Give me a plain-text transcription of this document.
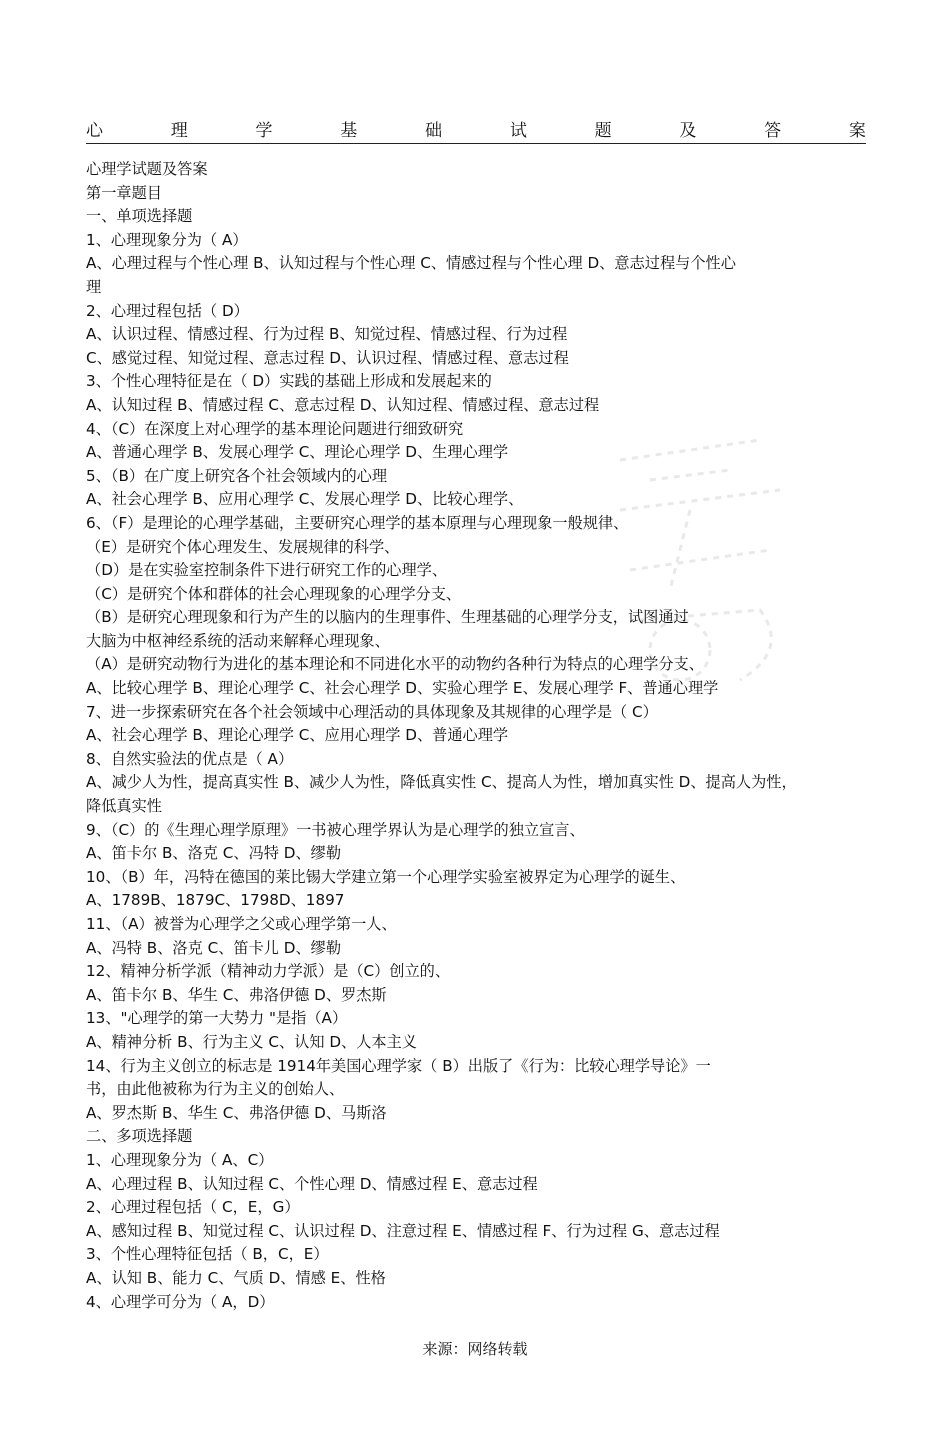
心	理	学	基	础	试	题	及	答	案
心理学试题及答案
第一章题目
一、单项选择题
1、心理现象分为（ A）
A、心理过程与个性心理 B、认知过程与个性心理 C、情感过程与个性心理 D、意志过程与个性心
理
2、心理过程包括（ D）
A、认识过程、情感过程、行为过程 B、知觉过程、情感过程、行为过程
C、感觉过程、知觉过程、意志过程 D、认识过程、情感过程、意志过程
3、个性心理特征是在（ D）实践的基础上形成和发展起来的
A、认知过程 B、情感过程 C、意志过程 D、认知过程、情感过程、意志过程
4、（C）在深度上对心理学的基本理论问题进行细致研究
A、普通心理学 B、发展心理学 C、理论心理学 D、生理心理学
5、（B）在广度上研究各个社会领域内的心理
A、社会心理学 B、应用心理学 C、发展心理学 D、比较心理学、
6、（F）是理论的心理学基础，主要研究心理学的基本原理与心理现象一般规律、
（E）是研究个体心理发生、发展规律的科学、
（D）是在实验室控制条件下进行研究工作的心理学、
（C）是研究个体和群体的社会心理现象的心理学分支、
（B）是研究心理现象和行为产生的以脑内的生理事件、生理基础的心理学分支，试图通过
大脑为中枢神经系统的活动来解释心理现象、
（A）是研究动物行为进化的基本理论和不同进化水平的动物约各种行为特点的心理学分支、
A、比较心理学 B、理论心理学 C、社会心理学 D、实验心理学 E、发展心理学 F、普通心理学
7、进一步探索研究在各个社会领域中心理活动的具体现象及其规律的心理学是（ C）
A、社会心理学 B、理论心理学 C、应用心理学 D、普通心理学
8、自然实验法的优点是（ A）
A、减少人为性，提高真实性 B、减少人为性，降低真实性 C、提高人为性，增加真实性 D、提高人为性，
降低真实性
9、（C）的《生理心理学原理》一书被心理学界认为是心理学的独立宣言、
A、笛卡尔 B、洛克 C、冯特 D、缪勒
10、（B）年，冯特在德国的莱比锡大学建立第一个心理学实验室被界定为心理学的诞生、
A、1789B、1879C、1798D、1897
11、（A）被誉为心理学之父或心理学第一人、
A、冯特 B、洛克 C、笛卡儿 D、缪勒
12、精神分析学派（精神动力学派）是（C）创立的、
A、笛卡尔 B、华生 C、弗洛伊德 D、罗杰斯
13、"心理学的第一大势力 "是指（A）
A、精神分析 B、行为主义 C、认知 D、人本主义
14、行为主义创立的标志是 1914年美国心理学家（ B）出版了《行为：比较心理学导论》一
书，由此他被称为行为主义的创始人、
A、罗杰斯 B、华生 C、弗洛伊德 D、马斯洛
二、多项选择题
1、心理现象分为（ A、C）
A、心理过程 B、认知过程 C、个性心理 D、情感过程 E、意志过程
2、心理过程包括（ C，E，G）
A、感知过程 B、知觉过程 C、认识过程 D、注意过程 E、情感过程 F、行为过程 G、意志过程
3、个性心理特征包括（ B，C，E）
A、认知 B、能力 C、气质 D、情感 E、性格
4、心理学可分为（ A，D）
来源：网络转载
